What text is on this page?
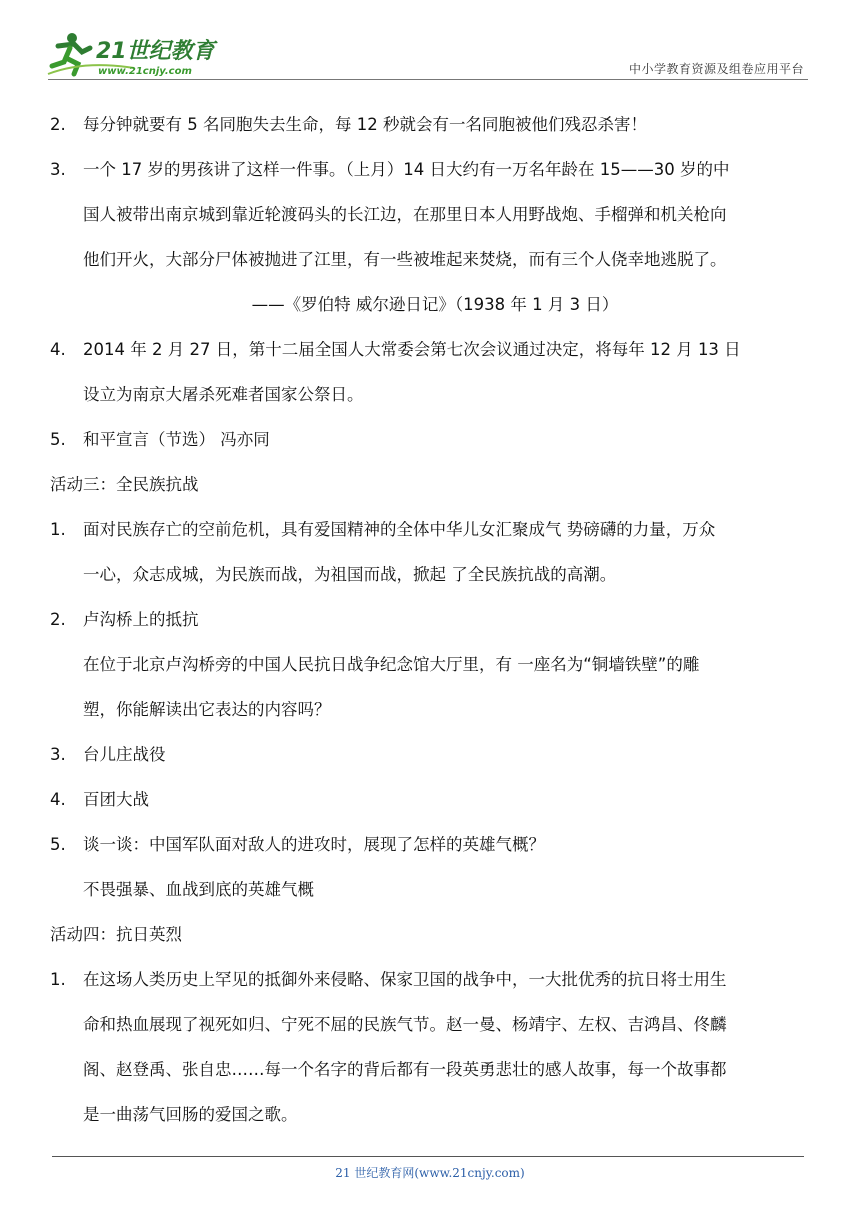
21世纪教育
www.21cnjy.com	中小学教育资源及组卷应用平台
2. 每分钟就要有 5 名同胞失去生命，每 12 秒就会有一名同胞被他们残忍杀害！
3. 一个 17 岁的男孩讲了这样一件事。（上月）14 日大约有一万名年龄在 15——30 岁的中
国人被带出南京城到靠近轮渡码头的长江边，在那里日本人用野战炮、手榴弹和机关枪向
他们开火，大部分尸体被抛进了江里，有一些被堆起来焚烧，而有三个人侥幸地逃脱了。
——《罗伯特 威尔逊日记》（1938 年 1 月 3 日）
4. 2014 年 2 月 27 日，第十二届全国人大常委会第七次会议通过决定，将每年 12 月 13 日
设立为南京大屠杀死难者国家公祭日。
5. 和平宣言（节选） 冯亦同
活动三：全民族抗战
1. 面对民族存亡的空前危机，具有爱国精神的全体中华儿女汇聚成气 势磅礴的力量，万众
一心，众志成城，为民族而战，为祖国而战，掀起 了全民族抗战的高潮。
2. 卢沟桥上的抵抗
在位于北京卢沟桥旁的中国人民抗日战争纪念馆大厅里，有 一座名为“铜墙铁壁”的雕
塑，你能解读出它表达的内容吗？
3. 台儿庄战役
4. 百团大战
5. 谈一谈：中国军队面对敌人的进攻时，展现了怎样的英雄气概？
不畏强暴、血战到底的英雄气概
活动四：抗日英烈
1. 在这场人类历史上罕见的抵御外来侵略、保家卫国的战争中，一大批优秀的抗日将士用生
命和热血展现了视死如归、宁死不屈的民族气节。赵一曼、杨靖宇、左权、吉鸿昌、佟麟
阁、赵登禹、张自忠……每一个名字的背后都有一段英勇悲壮的感人故事，每一个故事都
是一曲荡气回肠的爱国之歌。
21 世纪教育网(www.21cnjy.com)
